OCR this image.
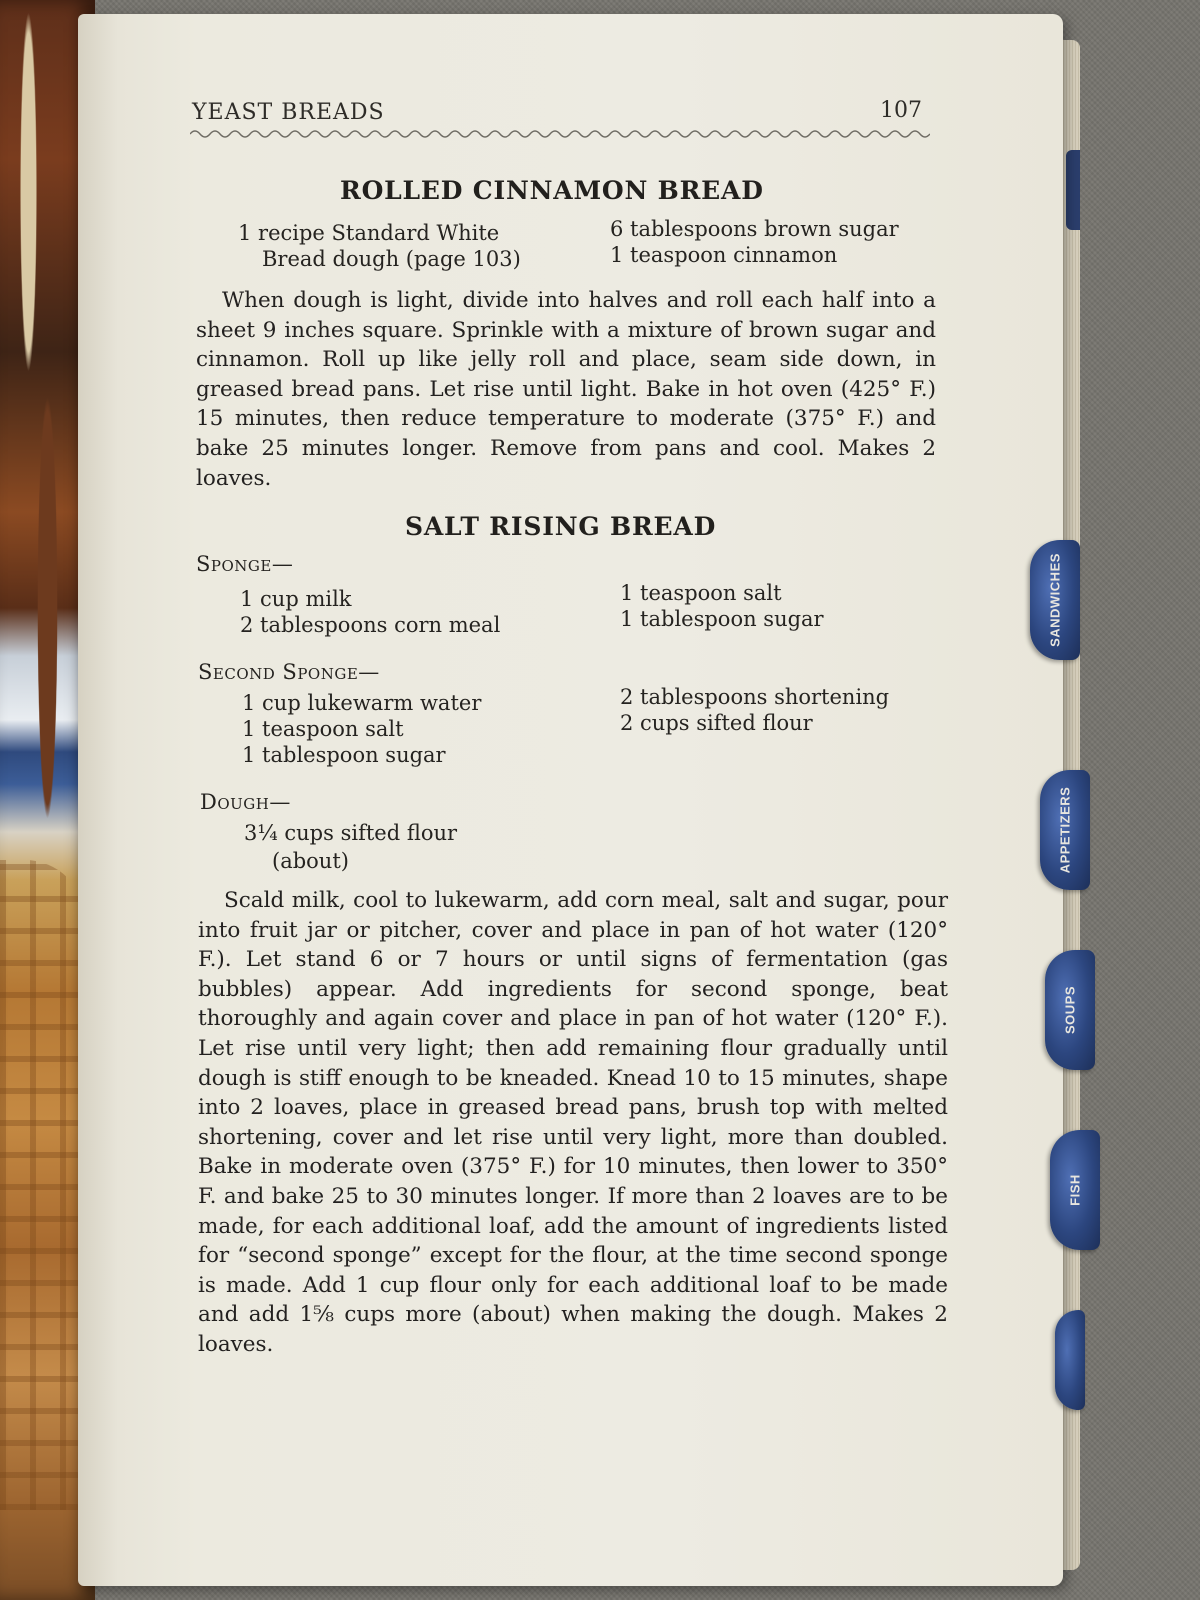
SANDWICHES
APPETIZERS
SOUPS
FISH
YEAST BREADS	107
ROLLED CINNAMON BREAD
1 recipe Standard White
Bread dough (page 103)
6 tablespoons brown sugar
1 teaspoon cinnamon
When dough is light, divide into halves and roll each half into a sheet 9 inches square. Sprinkle with a mixture of brown sugar and cinnamon. Roll up like jelly roll and place, seam side down, in greased bread pans. Let rise until light. Bake in hot oven (425° F.) 15 minutes, then reduce temperature to moderate (375° F.) and bake 25 minutes longer. Remove from pans and cool. Makes 2 loaves.
SALT RISING BREAD
Sponge—
1 cup milk
2 tablespoons corn meal
1 teaspoon salt
1 tablespoon sugar
Second Sponge—
1 cup lukewarm water
1 teaspoon salt
1 tablespoon sugar
2 tablespoons shortening
2 cups sifted flour
Dough—
3¼ cups sifted flour
(about)
Scald milk, cool to lukewarm, add corn meal, salt and sugar, pour into fruit jar or pitcher, cover and place in pan of hot water (120° F.). Let stand 6 or 7 hours or until signs of fermentation (gas bubbles) appear. Add ingredients for second sponge, beat thoroughly and again cover and place in pan of hot water (120° F.). Let rise until very light; then add remaining flour gradually until dough is stiff enough to be kneaded. Knead 10 to 15 minutes, shape into 2 loaves, place in greased bread pans, brush top with melted shortening, cover and let rise until very light, more than doubled. Bake in moderate oven (375° F.) for 10 minutes, then lower to 350° F. and bake 25 to 30 minutes longer. If more than 2 loaves are to be made, for each additional loaf, add the amount of ingredients listed for “second sponge” except for the flour, at the time second sponge is made. Add 1 cup flour only for each additional loaf to be made and add 1⅝ cups more (about) when making the dough. Makes 2 loaves.
